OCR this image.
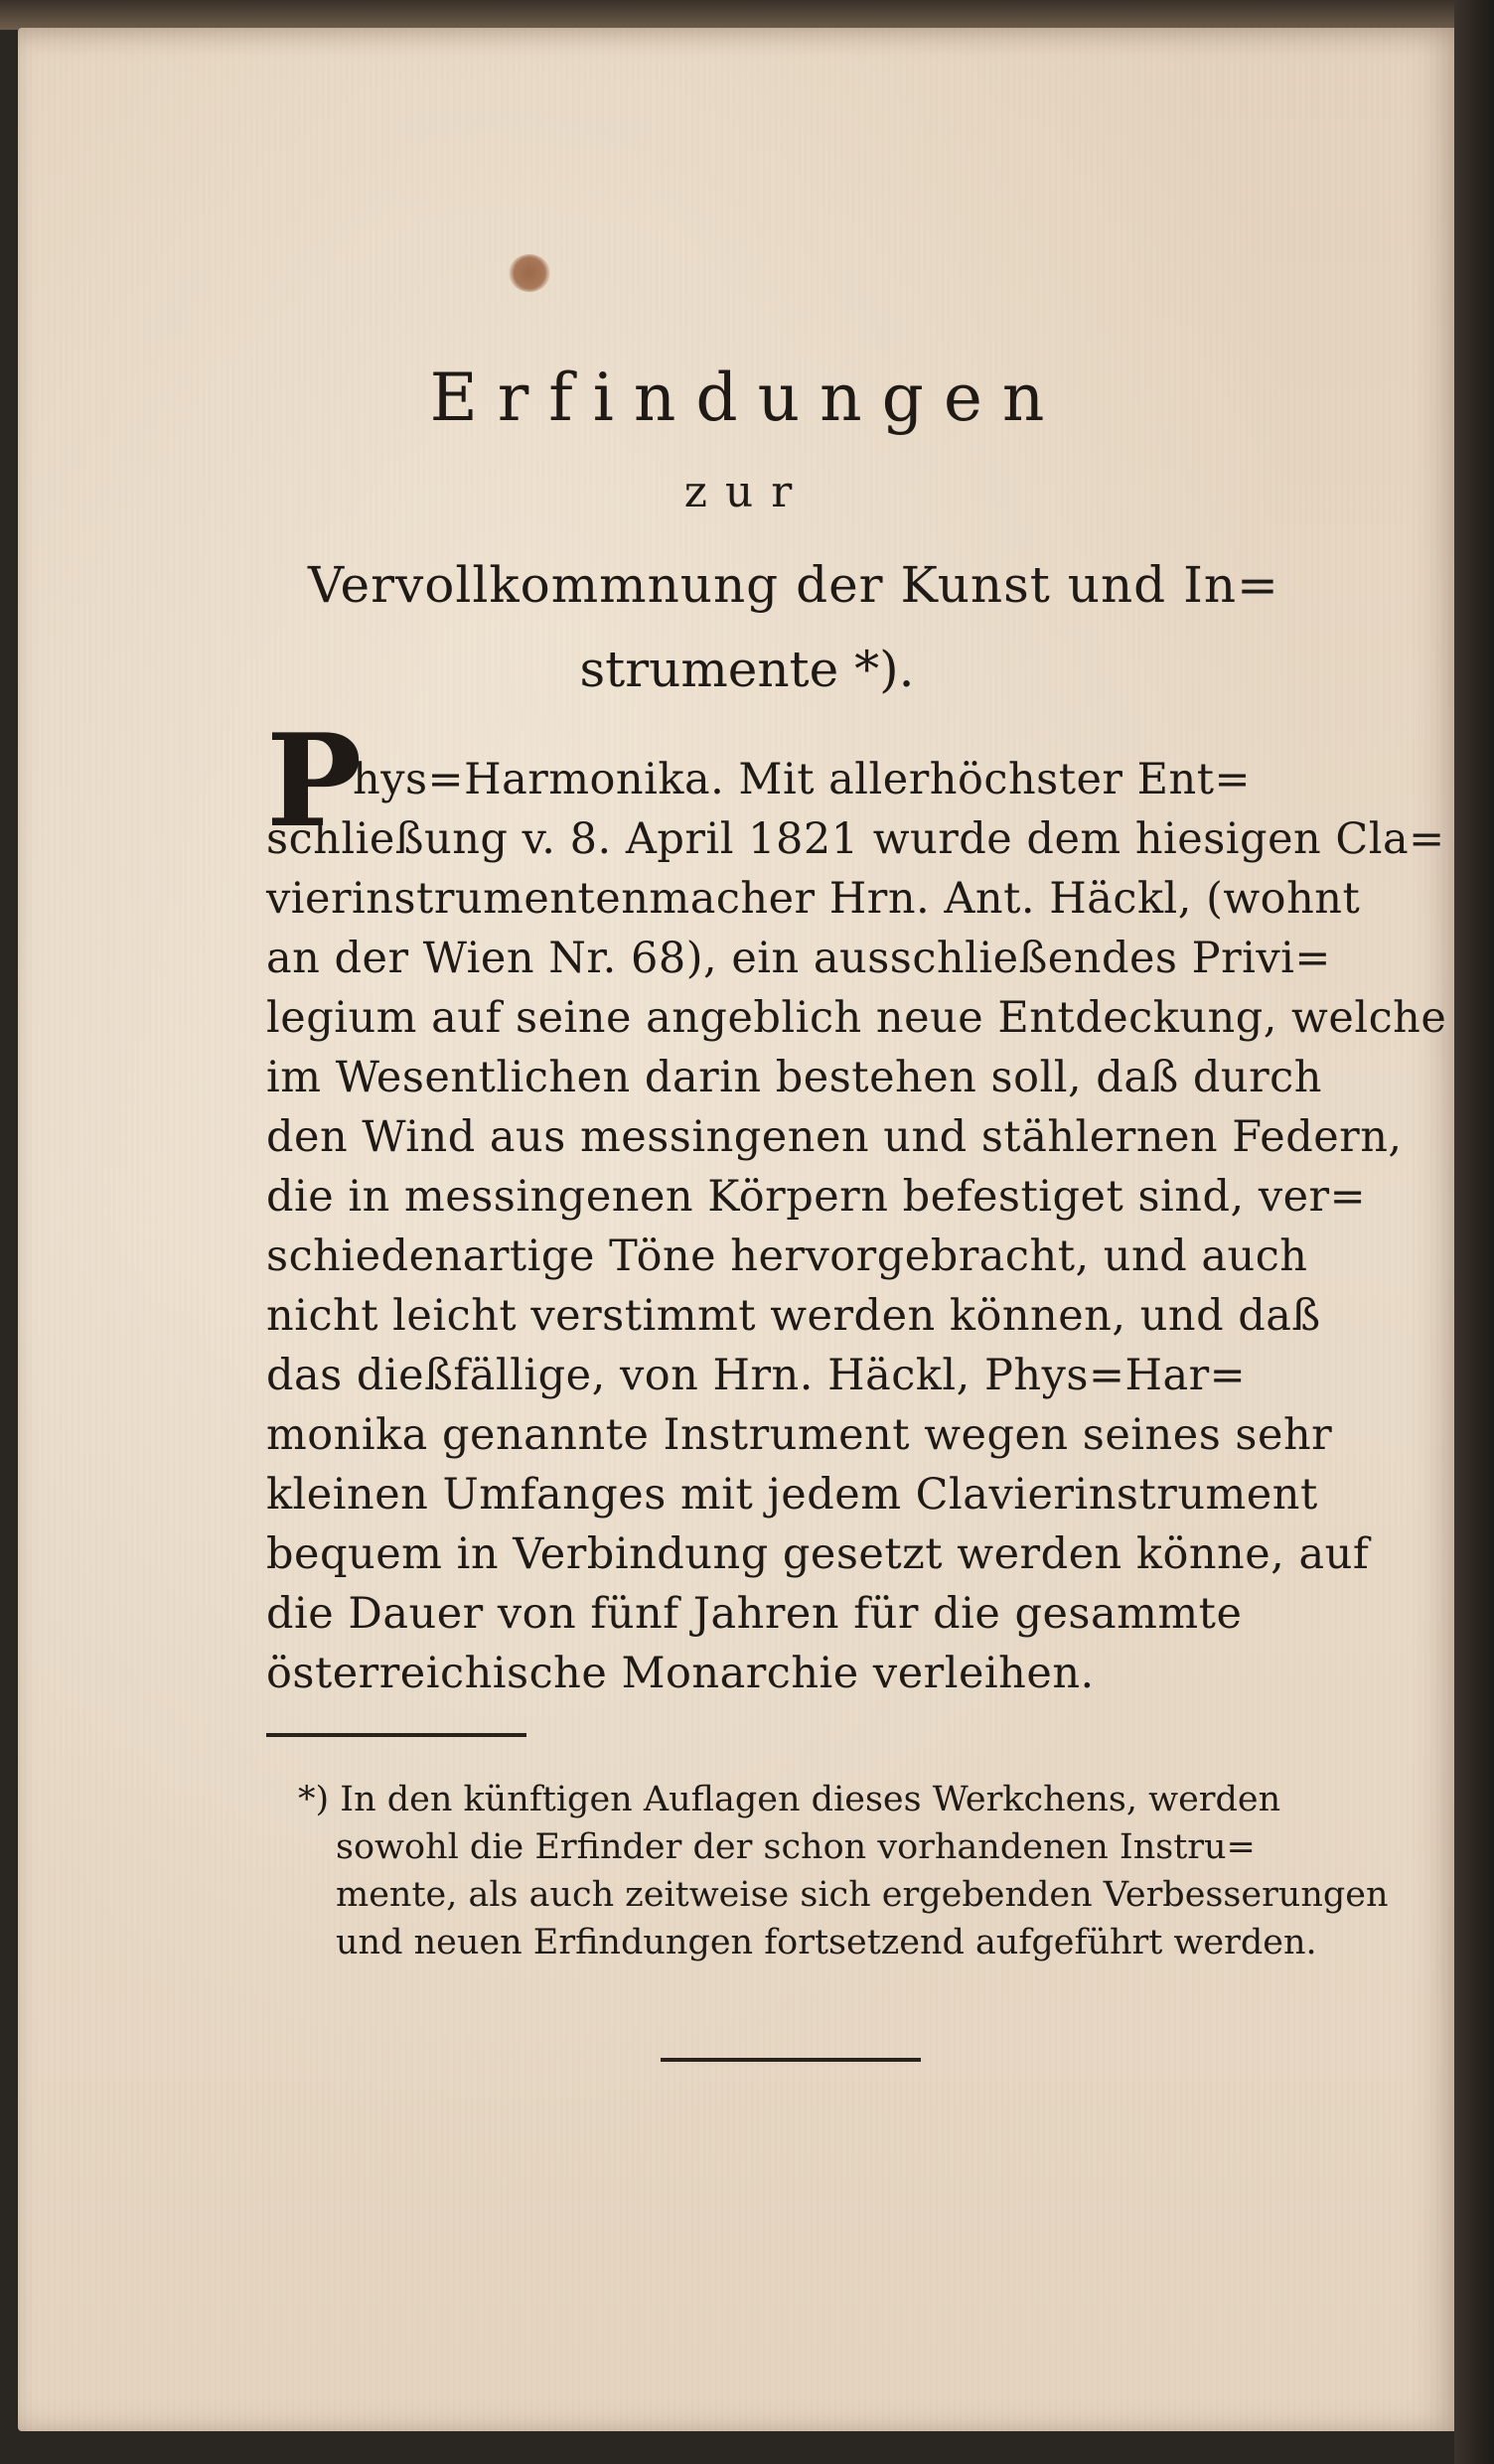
Erfindungen
zur
Vervollkommnung der Kunst und In=
strumente *).
P
hys=Harmonika. Mit allerhöchster Ent=
schließung v. 8. April 1821 wurde dem hiesigen Cla=
vierinstrumentenmacher Hrn. Ant. Häckl, (wohnt
an der Wien Nr. 68), ein ausschließendes Privi=
legium auf seine angeblich neue Entdeckung, welche
im Wesentlichen darin bestehen soll, daß durch
den Wind aus messingenen und stählernen Federn,
die in messingenen Körpern befestiget sind, ver=
schiedenartige Töne hervorgebracht, und auch
nicht leicht verstimmt werden können, und daß
das dießfällige, von Hrn. Häckl, Phys=Har=
monika genannte Instrument wegen seines sehr
kleinen Umfanges mit jedem Clavierinstrument
bequem in Verbindung gesetzt werden könne, auf
die Dauer von fünf Jahren für die gesammte
österreichische Monarchie verleihen.
*) In den künftigen Auflagen dieses Werkchens, werden
sowohl die Erfinder der schon vorhandenen Instru=
mente, als auch zeitweise sich ergebenden Verbesserungen
und neuen Erfindungen fortsetzend aufgeführt werden.
